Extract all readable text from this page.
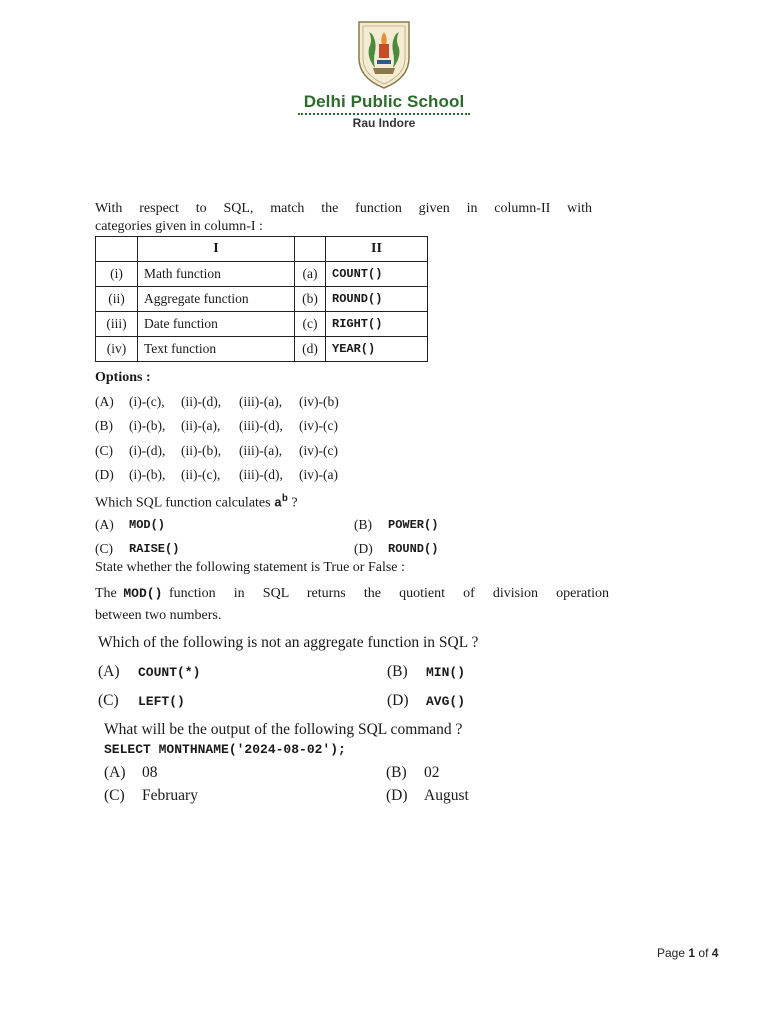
Delhi Public School
Rau Indore
With respect to SQL, match the function given in column-II with
categories given in column-I :
	I		II
(i)	Math function	(a)	COUNT()
(ii)	Aggregate function	(b)	ROUND()
(iii)	Date function	(c)	RIGHT()
(iv)	Text function	(d)	YEAR()
Options :
(A) (i)-(c), (ii)-(d), (iii)-(a), (iv)-(b)
(B) (i)-(b), (ii)-(a), (iii)-(d), (iv)-(c)
(C) (i)-(d), (ii)-(b), (iii)-(a), (iv)-(c)
(D) (i)-(b), (ii)-(c), (iii)-(d), (iv)-(a)
Which SQL function calculates $a^b$ ?
(A) MOD()	(B) POWER()
(C) RAISE()	(D) ROUND()
State whether the following statement is True or False :
The MOD() function in SQL returns the quotient of division operation
between two numbers.
Which of the following is not an aggregate function in SQL ?
(A) COUNT(*)	(B) MIN()
(C) LEFT()	(D) AVG()
What will be the output of the following SQL command ?
SELECT MONTHNAME('2024-08-02');
(A) 08	(B) 02
(C) February	(D) August
Page 1 of 4
